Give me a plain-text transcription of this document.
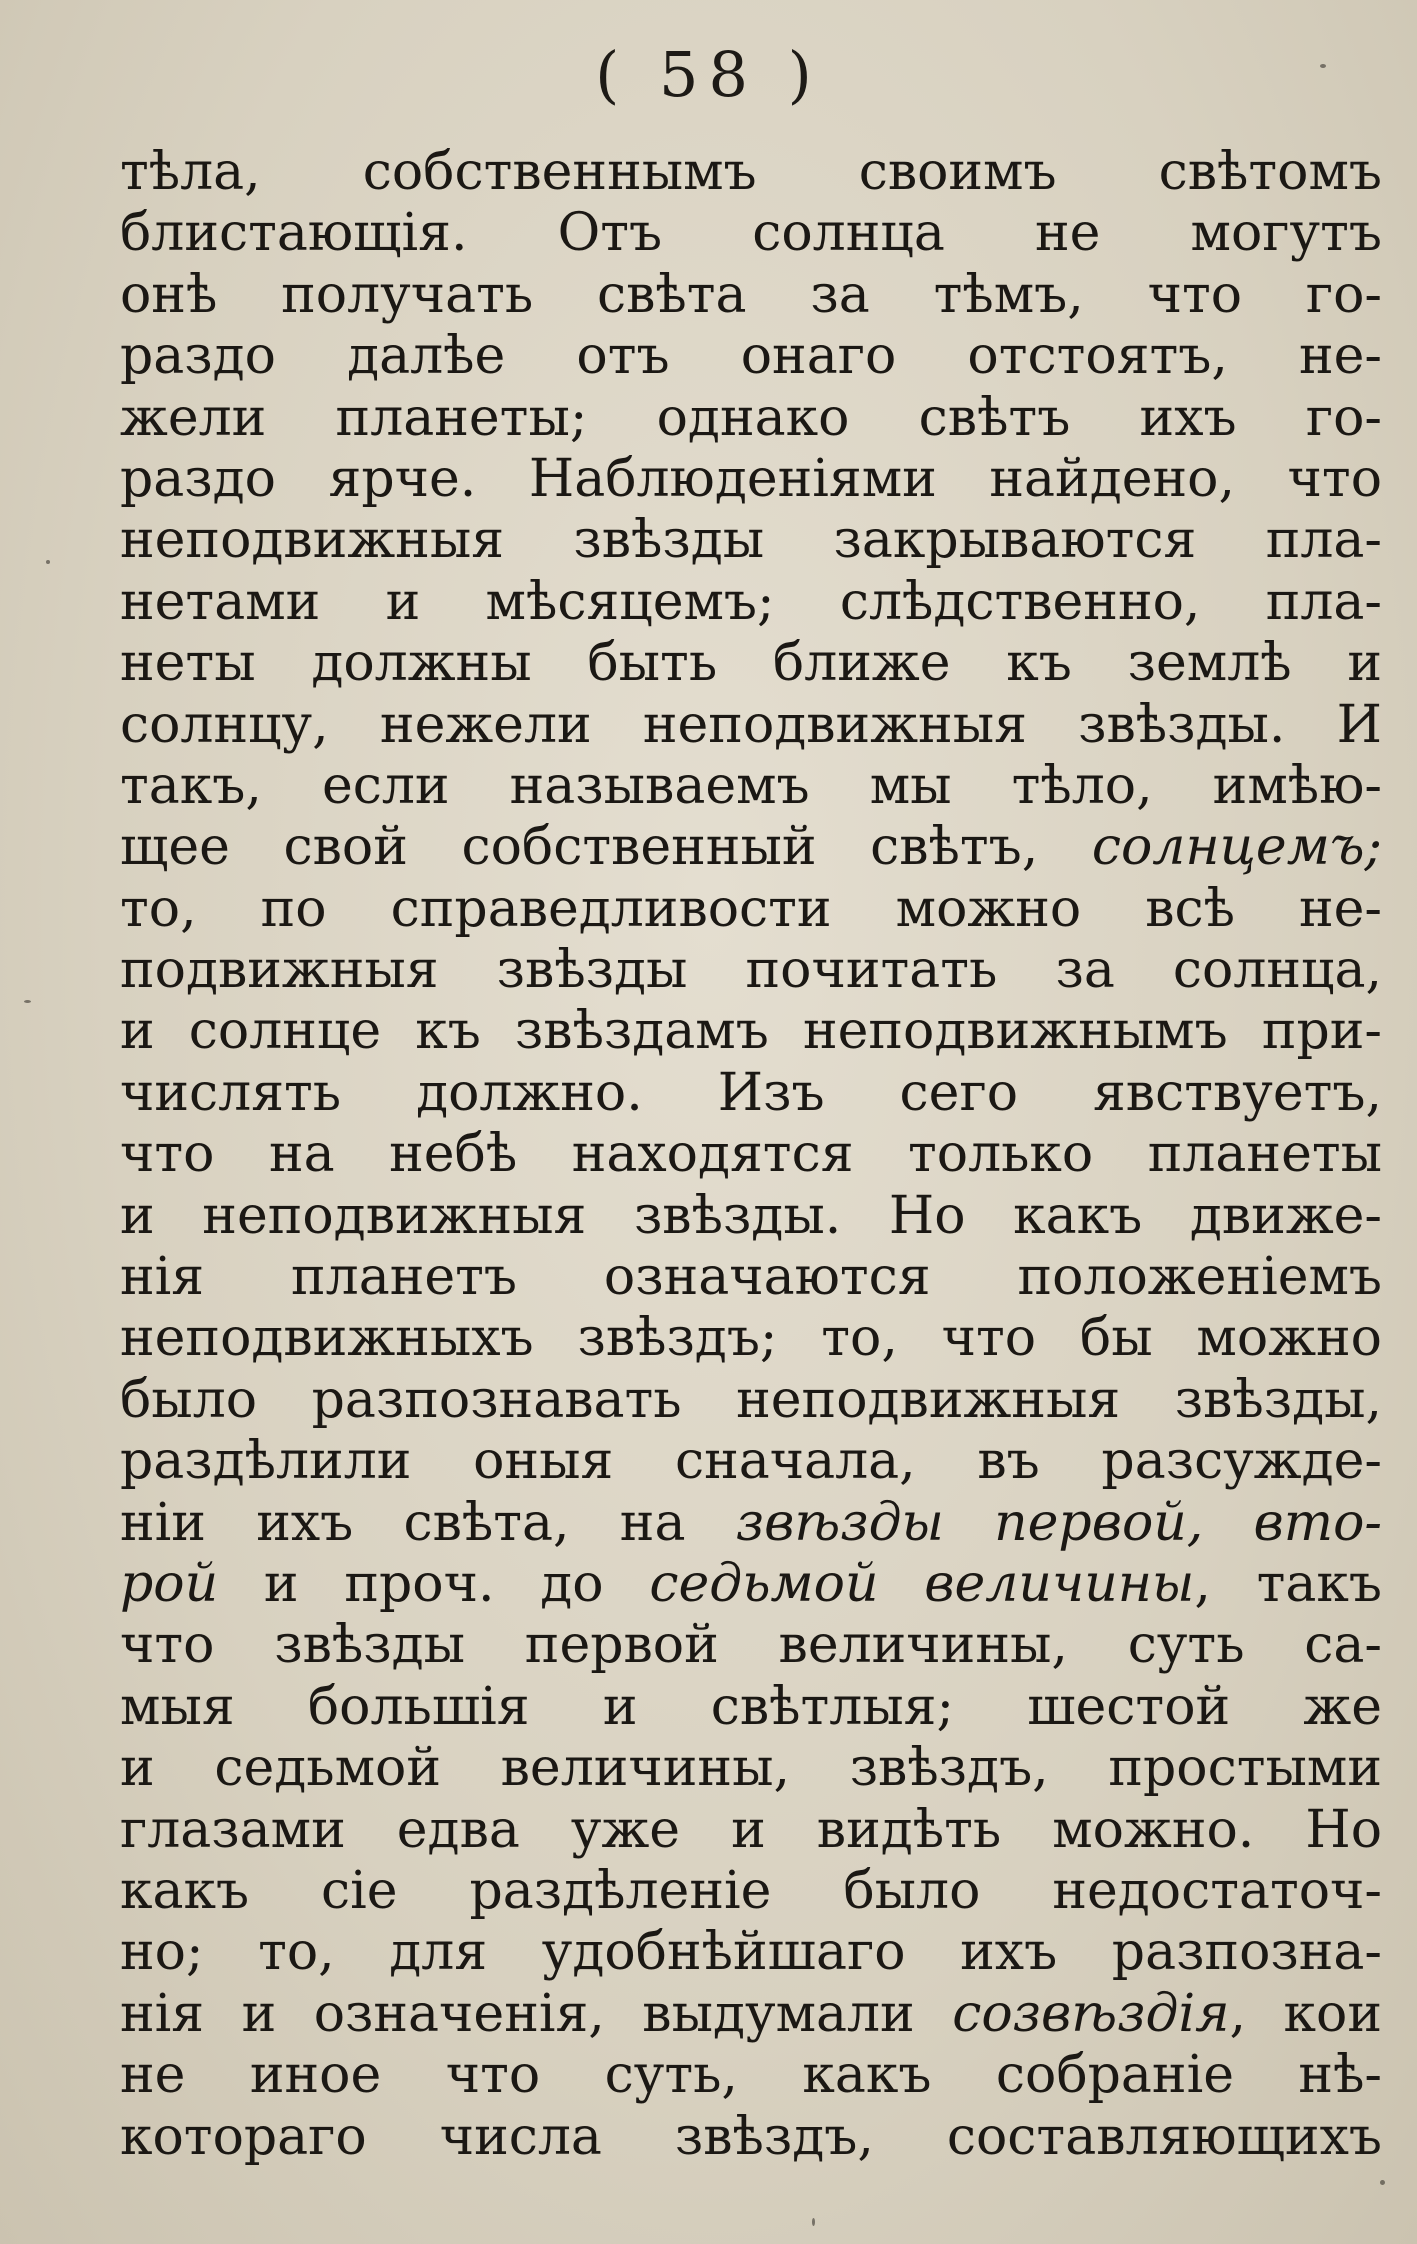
( 58 )
тѣла, собственнымъ своимъ свѣтомъ
блистающія. Отъ солнца не могутъ
онѣ получать свѣта за тѣмъ, что го-
раздо далѣе отъ онаго отстоятъ, не-
жели планеты; однако свѣтъ ихъ го-
раздо ярче. Наблюденіями найдено, что
неподвижныя звѣзды закрываются пла-
нетами и мѣсяцемъ; слѣдственно, пла-
неты должны быть ближе къ землѣ и
солнцу, нежели неподвижныя звѣзды. И
такъ, если называемъ мы тѣло, имѣю-
щее свой собственный свѣтъ, солнцемъ;
то, по справедливости можно всѣ не-
подвижныя звѣзды почитать за солнца,
и солнце къ звѣздамъ неподвижнымъ при-
числять должно. Изъ сего явствуетъ,
что на небѣ находятся только планеты
и неподвижныя звѣзды. Но какъ движе-
нія планетъ означаются положеніемъ
неподвижныхъ звѣздъ; то, что бы можно
было разпознавать неподвижныя звѣзды,
раздѣлили оныя сначала, въ разсужде-
ніи ихъ свѣта, на звѣзды первой, вто-
рой и проч. до седьмой величины, такъ
что звѣзды первой величины, суть са-
мыя большія и свѣтлыя; шестой же
и седьмой величины, звѣздъ, простыми
глазами едва уже и видѣть можно. Но
какъ сіе раздѣленіе было недостаточ-
но; то, для удобнѣйшаго ихъ разпозна-
нія и означенія, выдумали созвѣздія, кои
не иное что суть, какъ собраніе нѣ-
котораго числа звѣздъ, составляющихъ
